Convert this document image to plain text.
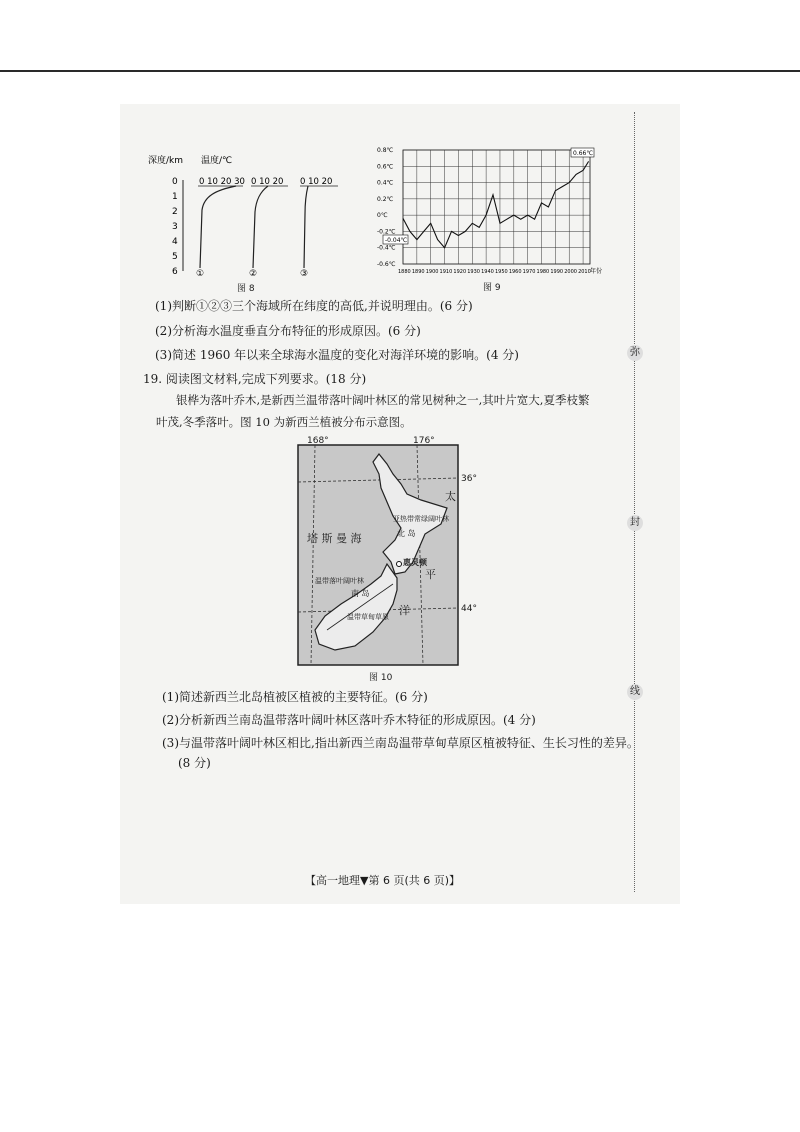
弥
封
线
深度/km 温度/℃
0 10 20 30 0 10 20 0 10 20
0
1
2
3
4
5
6 ①	②	③
图 8
0.8℃
0.6℃
0.4℃
0.2℃
0℃
-0.2℃
-0.4℃
-0.6℃
1880 1890 1900 1910 1920 1930 1940 1950 1960 1970 1980 1990 2000 2010 年份
0.66℃
-0.04℃
图 9
(1)判断①②③三个海域所在纬度的高低,并说明理由。(6 分)
(2)分析海水温度垂直分布特征的形成原因。(6 分)
(3)简述 1960 年以来全球海水温度的变化对海洋环境的影响。(4 分)
19. 阅读图文材料,完成下列要求。(18 分)
银桦为落叶乔木,是新西兰温带落叶阔叶林区的常见树种之一,其叶片宽大,夏季枝繁
叶茂,冬季落叶。图 10 为新西兰植被分布示意图。
168°	176°
36°
44°
塔 斯 曼 海
太
平
洋
亚热带常绿阔叶林
北 岛
惠灵顿
温带落叶阔叶林
南 岛
温带草甸草原
图 10
(1)简述新西兰北岛植被区植被的主要特征。(6 分)
(2)分析新西兰南岛温带落叶阔叶林区落叶乔木特征的形成原因。(4 分)
(3)与温带落叶阔叶林区相比,指出新西兰南岛温带草甸草原区植被特征、生长习性的差异。
(8 分)
【高一地理▼第 6 页(共 6 页)】
